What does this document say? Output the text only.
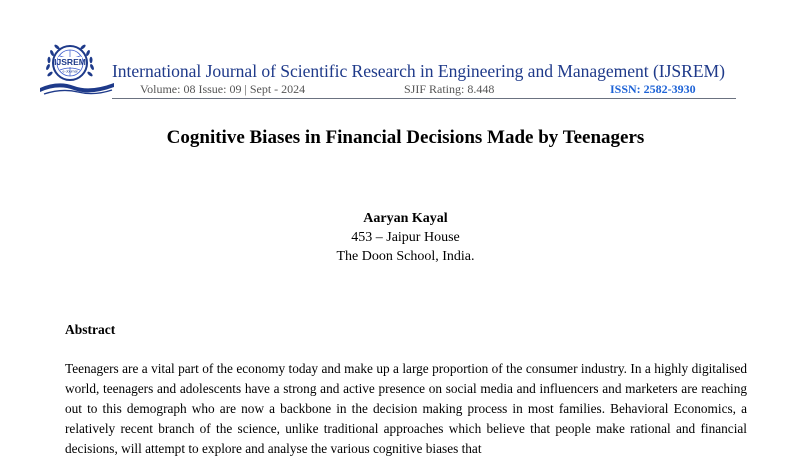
IJSREM
e-Journal International Journal of Scientific Research in Engineering and Management (IJSREM)
Volume: 08 Issue: 09 | Sept - 2024	SJIF Rating: 8.448	ISSN: 2582-3930
Cognitive Biases in Financial Decisions Made by Teenagers
Aaryan Kayal
453 – Jaipur House
The Doon School, India.
Abstract
Teenagers are a vital part of the economy today and make up a large proportion of the consumer industry. In a highly digitalised world, teenagers and adolescents have a strong and active presence on social media and influencers and marketers are reaching out to this demograph who are now a backbone in the decision making process in most families. Behavioral Economics, a relatively recent branch of the science, unlike traditional approaches which believe that people make rational and financial decisions, will attempt to explore and analyse the various cognitive biases that
